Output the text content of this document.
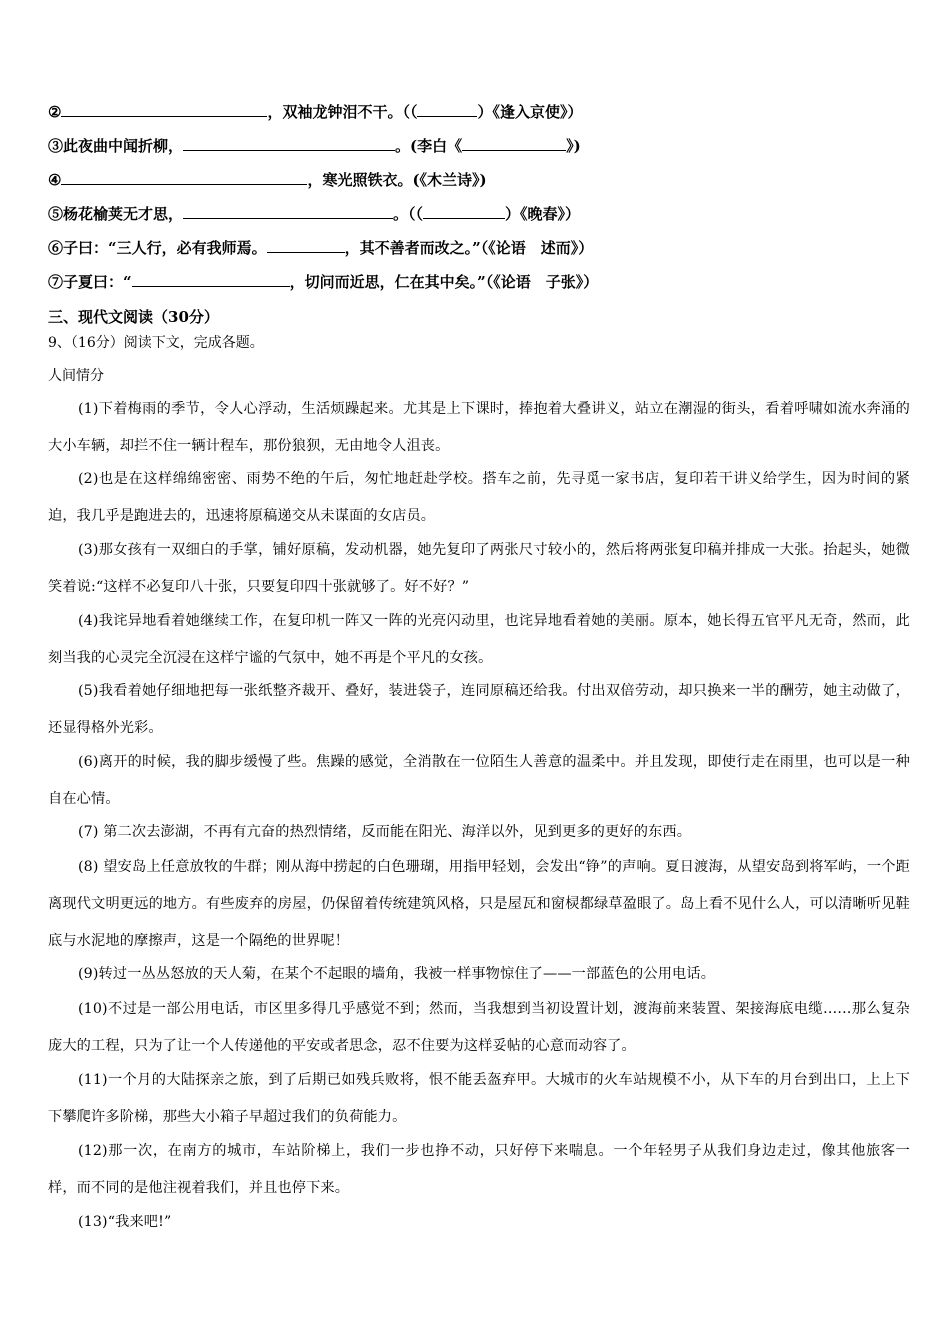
②	，双袖龙钟泪不干。（（	）《逢入京使》）
③此夜曲中闻折柳，	。(李白《	》)
④	，寒光照铁衣。(《木兰诗》)
⑤杨花榆荚无才思，	。（（	）《晚春》）
⑥子曰：“三人行，必有我师焉。	，其不善者而改之。”（《论语　述而》）
⑦子夏曰：“	，切问而近思，仁在其中矣。”（《论语　子张》）
三、现代文阅读（30分）
9、（16分）阅读下文，完成各题。
人间情分
(1)下着梅雨的季节，令人心浮动，生活烦躁起来。尤其是上下课时，捧抱着大叠讲义，站立在潮湿的街头，看着呼啸如流水奔涌的大小车辆，却拦不住一辆计程车，那份狼狈，无由地令人沮丧。
(2)也是在这样绵绵密密、雨势不绝的午后，匆忙地赶赴学校。搭车之前，先寻觅一家书店，复印若干讲义给学生，因为时间的紧迫，我几乎是跑进去的，迅速将原稿递交从未谋面的女店员。
(3)那女孩有一双细白的手掌，铺好原稿，发动机器，她先复印了两张尺寸较小的，然后将两张复印稿并排成一大张。抬起头，她微笑着说:“这样不必复印八十张，只要复印四十张就够了。好不好？”
(4)我诧异地看着她继续工作，在复印机一阵又一阵的光亮闪动里，也诧异地看着她的美丽。原本，她长得五官平凡无奇，然而，此刻当我的心灵完全沉浸在这样宁谧的气氛中，她不再是个平凡的女孩。
(5)我看着她仔细地把每一张纸整齐裁开、叠好，装进袋子，连同原稿还给我。付出双倍劳动，却只换来一半的酬劳，她主动做了，还显得格外光彩。
(6)离开的时候，我的脚步缓慢了些。焦躁的感觉，全消散在一位陌生人善意的温柔中。并且发现，即使行走在雨里，也可以是一种自在心情。
(7) 第二次去澎湖，不再有亢奋的热烈情绪，反而能在阳光、海洋以外，见到更多的更好的东西。
(8) 望安岛上任意放牧的牛群；刚从海中捞起的白色珊瑚，用指甲轻划，会发出“铮”的声响。夏日渡海，从望安岛到将军屿，一个距离现代文明更远的地方。有些废弃的房屋，仍保留着传统建筑风格，只是屋瓦和窗棂都绿草盈眼了。岛上看不见什么人，可以清晰听见鞋底与水泥地的摩擦声，这是一个隔绝的世界呢！
(9)转过一丛丛怒放的天人菊，在某个不起眼的墙角，我被一样事物惊住了——一部蓝色的公用电话。
(10)不过是一部公用电话，市区里多得几乎感觉不到；然而，当我想到当初设置计划，渡海前来装置、架接海底电缆……那么复杂庞大的工程，只为了让一个人传递他的平安或者思念，忍不住要为这样妥帖的心意而动容了。
(11)一个月的大陆探亲之旅，到了后期已如残兵败将，恨不能丢盔弃甲。大城市的火车站规模不小，从下车的月台到出口，上上下下攀爬许多阶梯，那些大小箱子早超过我们的负荷能力。
(12)那一次，在南方的城市，车站阶梯上，我们一步也挣不动，只好停下来喘息。一个年轻男子从我们身边走过，像其他旅客一样，而不同的是他注视着我们，并且也停下来。
(13)“我来吧!”
